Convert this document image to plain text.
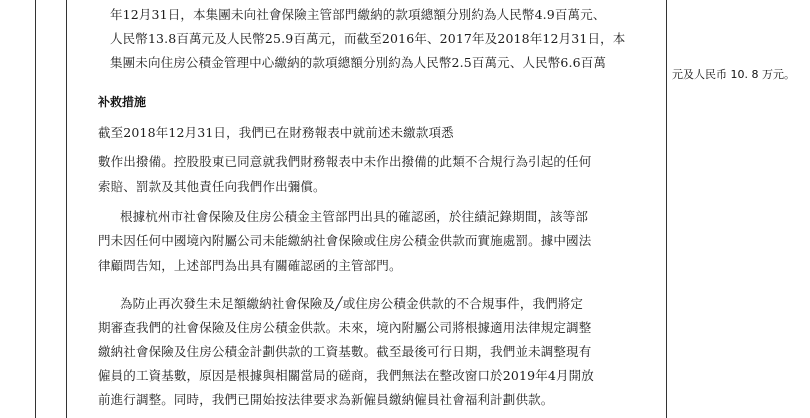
年12月31日，本集團未向社會保險主管部門繳納的款項總額分別約為人民幣4.9百萬元、
人民幣13.8百萬元及人民幣25.9百萬元，而截至2016年、2017年及2018年12月31日，本
集團未向住房公積金管理中心繳納的款項總額分別約為人民幣2.5百萬元、人民幣6.6百萬
元及人民币 10. 8 万元。
补救措施
截至2018年12月31日，我們已在財務報表中就前述未繳款項悉
數作出撥備。控股股東已同意就我們財務報表中未作出撥備的此類不合規行為引起的任何
索賠、罰款及其他責任向我們作出彌償。
根據杭州市社會保險及住房公積金主管部門出具的確認函，於往績記錄期間，該等部
門未因任何中國境內附屬公司未能繳納社會保險或住房公積金供款而實施處罰。據中國法
律顧問告知，上述部門為出具有關確認函的主管部門。
為防止再次發生未足額繳納社會保險及╱或住房公積金供款的不合規事件，我們將定
期審查我們的社會保險及住房公積金供款。未來，境內附屬公司將根據適用法律規定調整
繳納社會保險及住房公積金計劃供款的工資基數。截至最後可行日期，我們並未調整現有
僱員的工資基數，原因是根據與相關當局的磋商，我們無法在整改窗口於2019年4月開放
前進行調整。同時，我們已開始按法律要求為新僱員繳納僱員社會福利計劃供款。
